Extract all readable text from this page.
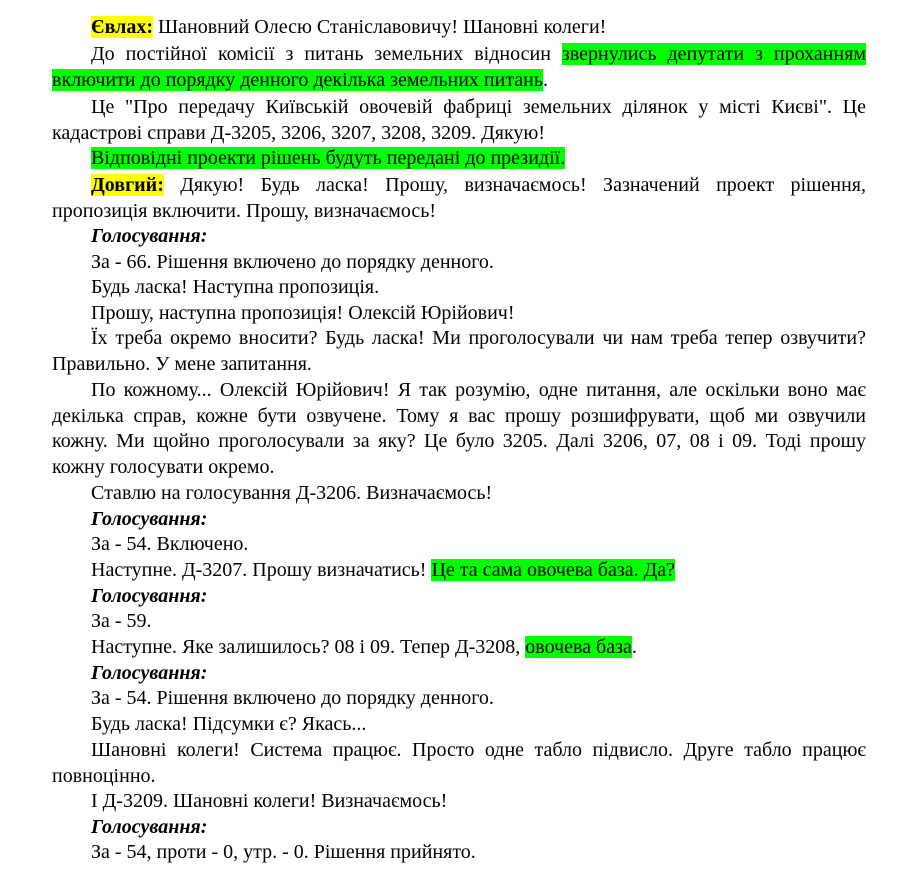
Євлах: Шановний Олесю Станіславовичу! Шановні колеги!

До постійної комісії з питань земельних відносин звернулись депутати з проханням включити до порядку денного декілька земельних питань.

Це "Про передачу Київській овочевій фабриці земельних ділянок у місті Києві". Це кадастрові справи Д-3205, 3206, 3207, 3208, 3209. Дякую!

Відповідні проекти рішень будуть передані до президії.

Довгий: Дякую! Будь ласка! Прошу, визначаємось! Зазначений проект рішення, пропозиція включити. Прошу, визначаємось!

Голосування:

За - 66. Рішення включено до порядку денного.

Будь ласка! Наступна пропозиція.

Прошу, наступна пропозиція! Олексій Юрійович!

Їх треба окремо вносити? Будь ласка! Ми проголосували чи нам треба тепер озвучити? Правильно. У мене запитання.

По кожному... Олексій Юрійович! Я так розумію, одне питання, але оскільки воно має декілька справ, кожне бути озвучене. Тому я вас прошу розшифрувати, щоб ми озвучили кожну. Ми щойно проголосували за яку? Це було 3205. Далі 3206, 07, 08 і 09. Тоді прошу кожну голосувати окремо.

Ставлю на голосування Д-3206. Визначаємось!

Голосування:

За - 54. Включено.

Наступне. Д-3207. Прошу визначатись! Це та сама овочева база. Да?

Голосування:

За - 59.

Наступне. Яке залишилось? 08 і 09. Тепер Д-3208, овочева база.

Голосування:

За - 54. Рішення включено до порядку денного.

Будь ласка! Підсумки є? Якась...

Шановні колеги! Система працює. Просто одне табло підвисло. Друге табло працює повноцінно.

І Д-3209. Шановні колеги! Визначаємось!

Голосування:

За - 54, проти - 0, утр. - 0. Рішення прийнято.
